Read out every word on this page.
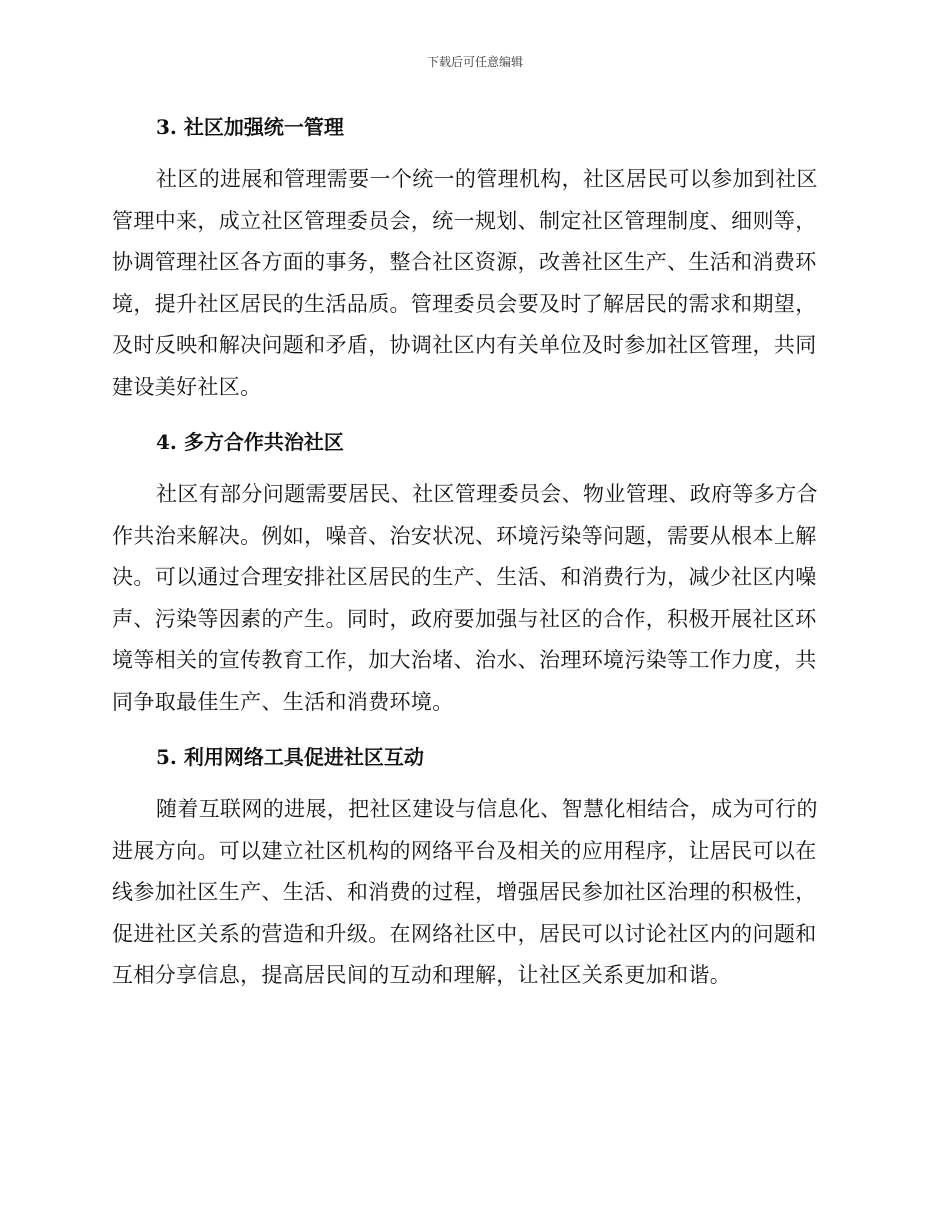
下载后可任意编辑
3. 社区加强统一管理
社区的进展和管理需要一个统一的管理机构，社区居民可以参加到社区
管理中来，成立社区管理委员会，统一规划、制定社区管理制度、细则等，
协调管理社区各方面的事务，整合社区资源，改善社区生产、生活和消费环
境，提升社区居民的生活品质。管理委员会要及时了解居民的需求和期望，
及时反映和解决问题和矛盾，协调社区内有关单位及时参加社区管理，共同
建设美好社区。
4. 多方合作共治社区
社区有部分问题需要居民、社区管理委员会、物业管理、政府等多方合
作共治来解决。例如，噪音、治安状况、环境污染等问题，需要从根本上解
决。可以通过合理安排社区居民的生产、生活、和消费行为，减少社区内噪
声、污染等因素的产生。同时，政府要加强与社区的合作，积极开展社区环
境等相关的宣传教育工作，加大治堵、治水、治理环境污染等工作力度，共
同争取最佳生产、生活和消费环境。
5. 利用网络工具促进社区互动
随着互联网的进展，把社区建设与信息化、智慧化相结合，成为可行的
进展方向。可以建立社区机构的网络平台及相关的应用程序，让居民可以在
线参加社区生产、生活、和消费的过程，增强居民参加社区治理的积极性，
促进社区关系的营造和升级。在网络社区中，居民可以讨论社区内的问题和
互相分享信息，提高居民间的互动和理解，让社区关系更加和谐。
